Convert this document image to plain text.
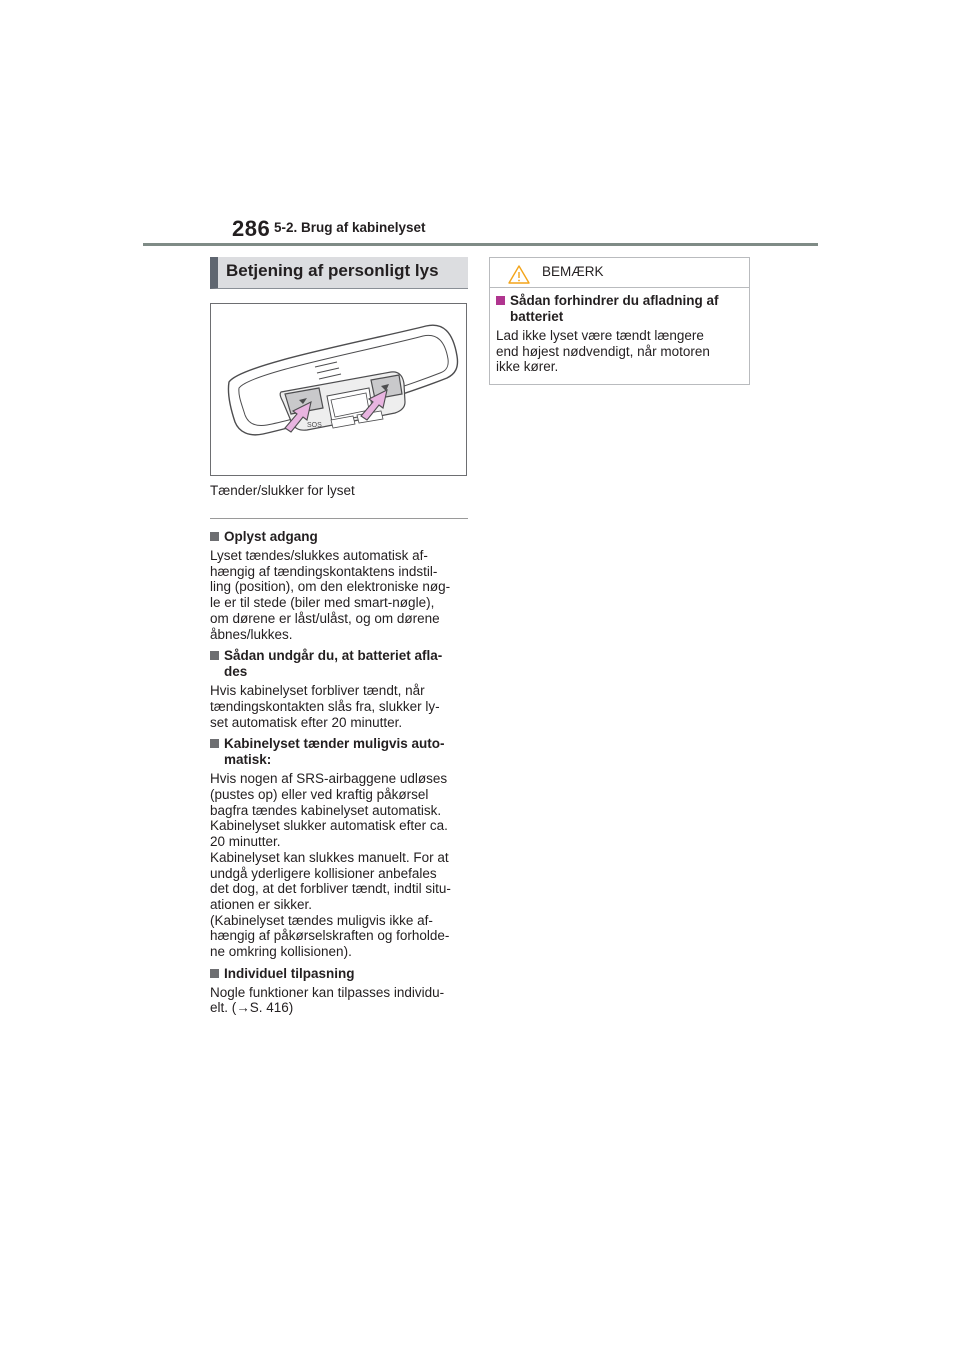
286 5-2. Brug af kabinelyset
Betjening af personligt lys
SOS
Tænder/slukker for lyset
Oplyst adgang
Lyset tændes/slukkes automatisk af-
hængig af tændingskontaktens indstil-
ling (position), om den elektroniske nøg-
le er til stede (biler med smart-nøgle),
om dørene er låst/ulåst, og om dørene
åbnes/lukkes.
Sådan undgår du, at batteriet afla-
des
Hvis kabinelyset forbliver tændt, når
tændingskontakten slås fra, slukker ly-
set automatisk efter 20 minutter.
Kabinelyset tænder muligvis auto-
matisk:
Hvis nogen af SRS-airbaggene udløses
(pustes op) eller ved kraftig påkørsel
bagfra tændes kabinelyset automatisk.
Kabinelyset slukker automatisk efter ca.
20 minutter.
Kabinelyset kan slukkes manuelt. For at
undgå yderligere kollisioner anbefales
det dog, at det forbliver tændt, indtil situ-
ationen er sikker.
(Kabinelyset tændes muligvis ikke af-
hængig af påkørselskraften og forholde-
ne omkring kollisionen).
Individuel tilpasning
Nogle funktioner kan tilpasses individu-
elt. (→S. 416)
BEMÆRK
Sådan forhindrer du afladning af
batteriet
Lad ikke lyset være tændt længere
end højest nødvendigt, når motoren
ikke kører.
